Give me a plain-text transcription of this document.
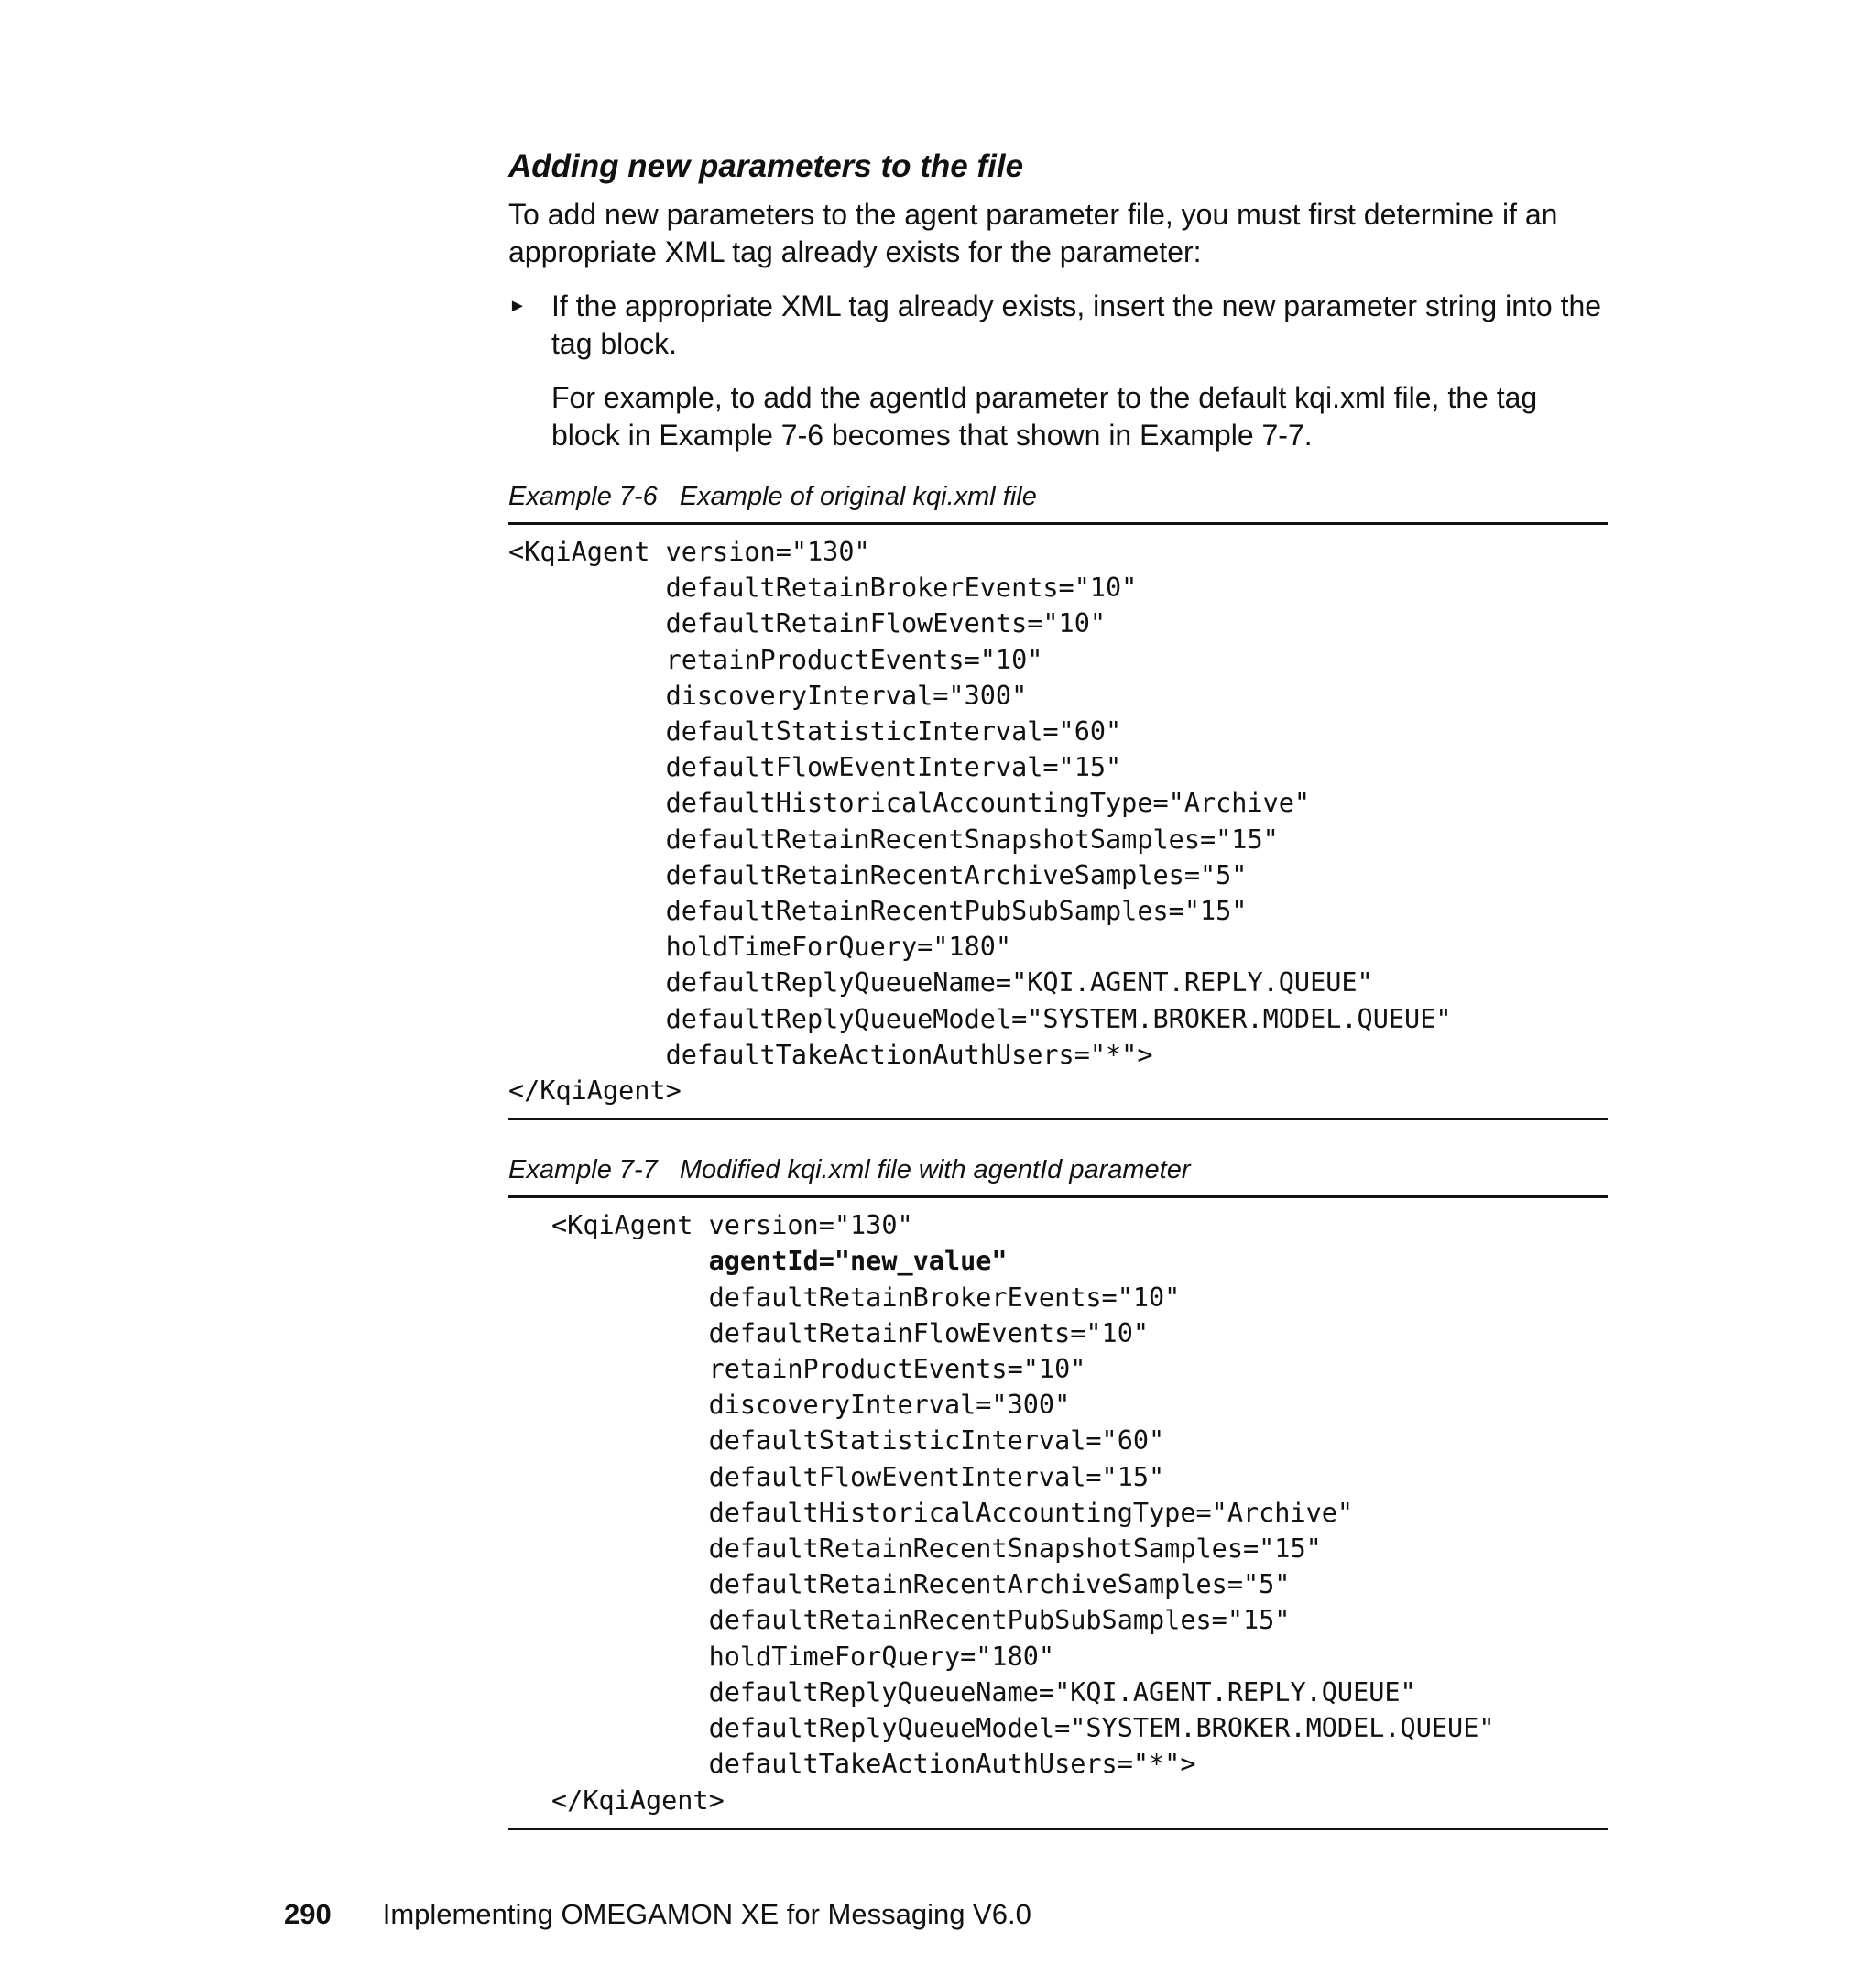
Adding new parameters to the file

To add new parameters to the agent parameter file, you must first determine if an appropriate XML tag already exists for the parameter:

► If the appropriate XML tag already exists, insert the new parameter string into the tag block.

For example, to add the agentId parameter to the default kqi.xml file, the tag block in Example 7-6 becomes that shown in Example 7-7.

Example 7-6 Example of original kqi.xml file

<KqiAgent version="130"
defaultRetainBrokerEvents="10"
defaultRetainFlowEvents="10"
retainProductEvents="10"
discoveryInterval="300"
defaultStatisticInterval="60"
defaultFlowEventInterval="15"
defaultHistoricalAccountingType="Archive"
defaultRetainRecentSnapshotSamples="15"
defaultRetainRecentArchiveSamples="5"
defaultRetainRecentPubSubSamples="15"
holdTimeForQuery="180"
defaultReplyQueueName="KQI.AGENT.REPLY.QUEUE"
defaultReplyQueueModel="SYSTEM.BROKER.MODEL.QUEUE"
defaultTakeActionAuthUsers="*">
</KqiAgent>

Example 7-7 Modified kqi.xml file with agentId parameter

<KqiAgent version="130"
agentId="new_value"
defaultRetainBrokerEvents="10"
defaultRetainFlowEvents="10"
retainProductEvents="10"
discoveryInterval="300"
defaultStatisticInterval="60"
defaultFlowEventInterval="15"
defaultHistoricalAccountingType="Archive"
defaultRetainRecentSnapshotSamples="15"
defaultRetainRecentArchiveSamples="5"
defaultRetainRecentPubSubSamples="15"
holdTimeForQuery="180"
defaultReplyQueueName="KQI.AGENT.REPLY.QUEUE"
defaultReplyQueueModel="SYSTEM.BROKER.MODEL.QUEUE"
defaultTakeActionAuthUsers="*">
</KqiAgent>
290 Implementing OMEGAMON XE for Messaging V6.0
